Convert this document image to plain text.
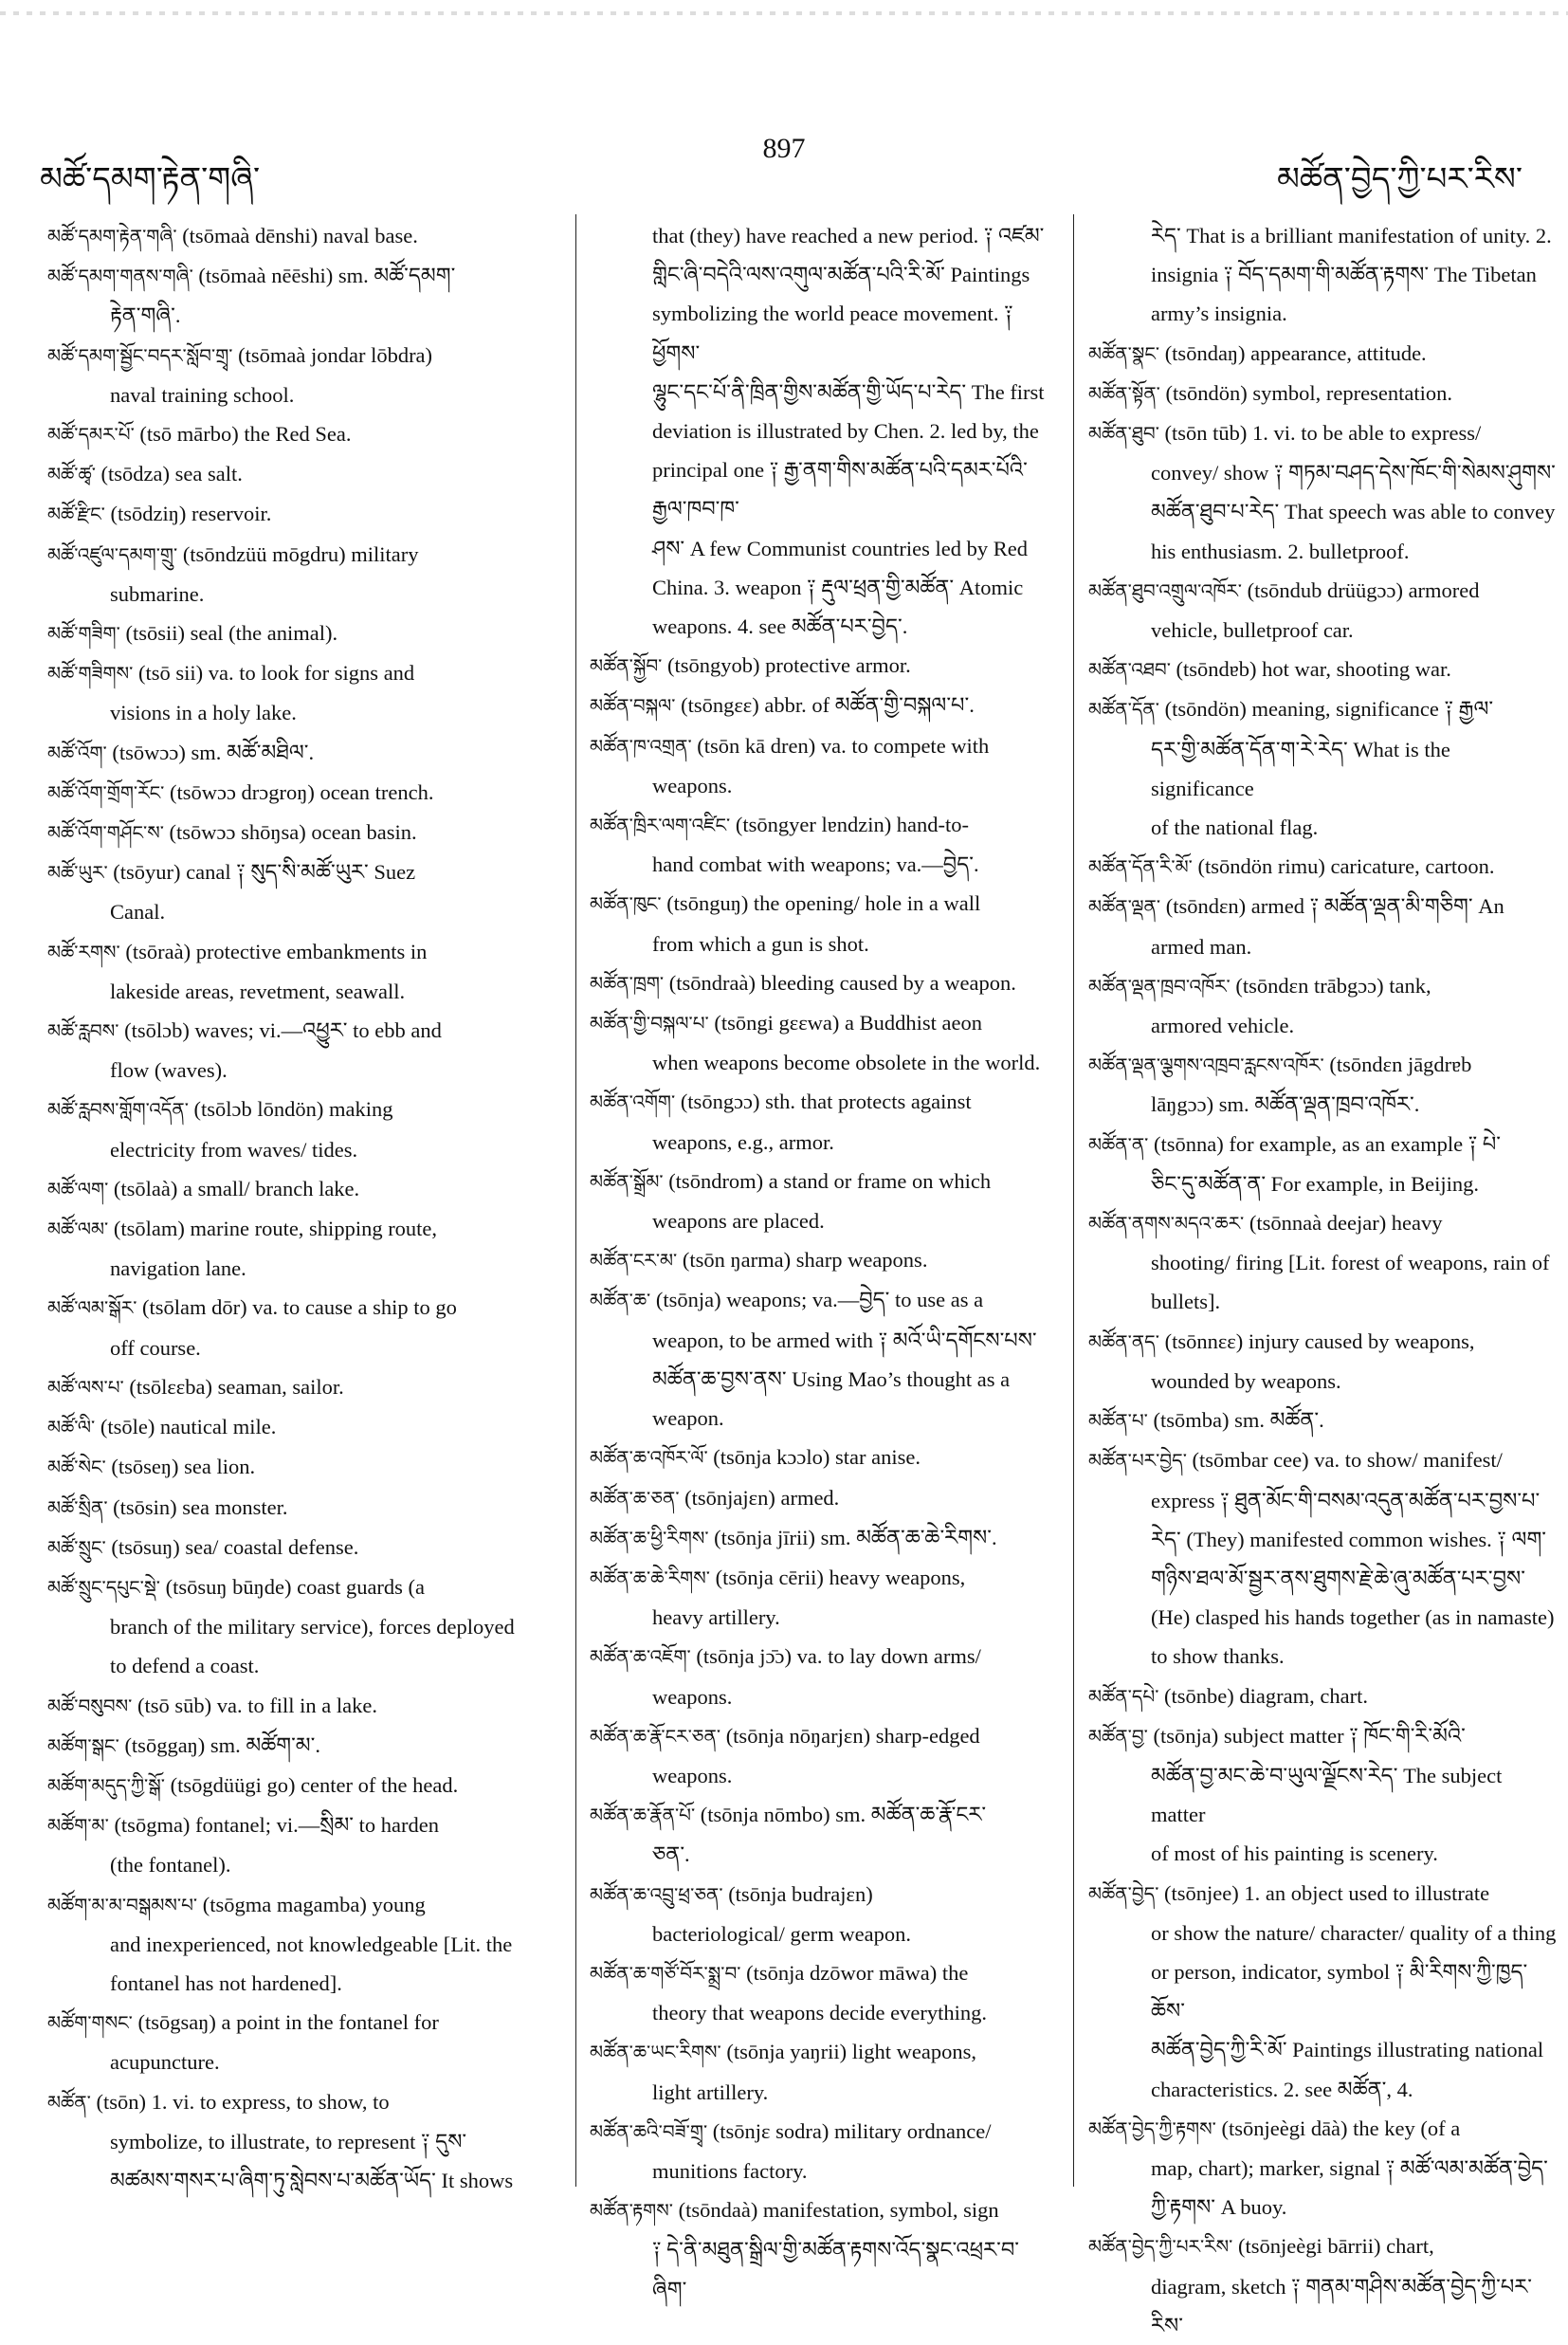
མཚོ་དམག་རྟེན་གཞི་
897
མཚོན་བྱེད་ཀྱི་པར་རིས་

མཚོ་དམག་རྟེན་གཞི་ (tsōmaà dēnshi) naval base.

མཚོ་དམག་གནས་གཞི་ (tsōmaà nēēshi) sm. མཚོ་དམག་

རྟེན་གཞི་.

མཚོ་དམག་སྦྱོང་བདར་སློབ་གྲྭ་ (tsōmaà jondar lōbdra)

naval training school.

མཚོ་དམར་པོ་ (tsō mārbo) the Red Sea.

མཚོ་ཚྭ་ (tsōdza) sea salt.

མཚོ་རྫིང་ (tsōdziŋ) reservoir.

མཚོ་འཛུལ་དམག་གྲུ་ (tsōndzüü mōgdru) military

submarine.

མཚོ་གཟིག་ (tsōsii) seal (the animal).

མཚོ་གཟིགས་ (tsō sii) va. to look for signs and

visions in a holy lake.

མཚོ་འོག་ (tsōwɔɔ) sm. མཚོ་མཐིལ་.

མཚོ་འོག་གྲོག་རོང་ (tsōwɔɔ drɔgroŋ) ocean trench.

མཚོ་འོག་གཤོང་ས་ (tsōwɔɔ shōŋsa) ocean basin.

མཚོ་ཡུར་ (tsōyur) canal ༑ སུད་སི་མཚོ་ཡུར་ Suez

Canal.

མཚོ་རགས་ (tsōraà) protective embankments in

lakeside areas, revetment, seawall.

མཚོ་རླབས་ (tsōlɔb) waves; vi.—འཕྱུར་ to ebb and

flow (waves).

མཚོ་རླབས་གློག་འདོན་ (tsōlɔb lōndön) making

electricity from waves/ tides.

མཚོ་ལག་ (tsōlaà) a small/ branch lake.

མཚོ་ལམ་ (tsōlam) marine route, shipping route,

navigation lane.

མཚོ་ལམ་སྒོར་ (tsōlam dōr) va. to cause a ship to go

off course.

མཚོ་ལས་པ་ (tsōlɛɛba) seaman, sailor.

མཚོ་ལི་ (tsōle) nautical mile.

མཚོ་སེང་ (tsōseŋ) sea lion.

མཚོ་སྲིན་ (tsōsin) sea monster.

མཚོ་སྲུང་ (tsōsuŋ) sea/ coastal defense.

མཚོ་སྲུང་དཔུང་སྡེ་ (tsōsuŋ būŋde) coast guards (a

branch of the military service), forces deployed

to defend a coast.

མཚོ་བསུབས་ (tsō sūb) va. to fill in a lake.

མཚོག་སྒང་ (tsōggaŋ) sm. མཚོག་མ་.

མཚོག་མདུད་ཀྱི་སྒོ་ (tsōgdüügi go) center of the head.

མཚོག་མ་ (tsōgma) fontanel; vi.—སྲིམ་ to harden

(the fontanel).

མཚོག་མ་མ་བསྒམས་པ་ (tsōgma magamba) young

and inexperienced, not knowledgeable [Lit. the

fontanel has not hardened].

མཚོག་གསང་ (tsōgsaŋ) a point in the fontanel for

acupuncture.

མཚོན་ (tsōn) 1. vi. to express, to show, to

symbolize, to illustrate, to represent ༑ དུས་

མཚམས་གསར་པ་ཞིག་ཏུ་སླེབས་པ་མཚོན་ཡོད་ It shows

that (they) have reached a new period. ༑ འཛམ་

གླིང་ཞི་བདེའི་ལས་འགུལ་མཚོན་པའི་རི་མོ་ Paintings

symbolizing the world peace movement. ༑ ཕྱོགས་

ལྷུང་དང་པོ་ནི་ཁྲིན་གྱིས་མཚོན་གྱི་ཡོད་པ་རེད་ The first

deviation is illustrated by Chen. 2. led by, the

principal one ༑ རྒྱ་ནག་གིས་མཚོན་པའི་དམར་པོའི་རྒྱལ་ཁབ་ཁ་

ཤས་ A few Communist countries led by Red

China. 3. weapon ༑ རྡུལ་ཕྲན་གྱི་མཚོན་ Atomic

weapons. 4. see མཚོན་པར་བྱེད་.

མཚོན་སྐྱོབ་ (tsōngyob) protective armor.

མཚོན་བསྐལ་ (tsōngɛɛ) abbr. of མཚོན་གྱི་བསྐལ་པ་.

མཚོན་ཁ་འགྲན་ (tsōn kā dren) va. to compete with

weapons.

མཚོན་ཁྲིར་ལག་འཛིང་ (tsōngyer lɐndzin) hand-to-

hand combat with weapons; va.—བྱེད་.

མཚོན་ཁུང་ (tsōnguŋ) the opening/ hole in a wall

from which a gun is shot.

མཚོན་ཁྲག་ (tsōndraà) bleeding caused by a weapon.

མཚོན་གྱི་བསྐལ་པ་ (tsōngi gɛɛwa) a Buddhist aeon

when weapons become obsolete in the world.

མཚོན་འགོག་ (tsōngɔɔ) sth. that protects against

weapons, e.g., armor.

མཚོན་སྒྲོམ་ (tsōndrom) a stand or frame on which

weapons are placed.

མཚོན་ངར་མ་ (tsōn ŋarma) sharp weapons.

མཚོན་ཆ་ (tsōnja) weapons; va.—བྱེད་ to use as a

weapon, to be armed with ༑ མའོ་ཡི་དགོངས་པས་

མཚོན་ཆ་བྱས་ནས་ Using Mao’s thought as a

weapon.

མཚོན་ཆ་འཁོར་ལོ་ (tsōnja kɔɔlo) star anise.

མཚོན་ཆ་ཅན་ (tsōnjajɛn) armed.

མཚོན་ཆ་ཕྱི་རིགས་ (tsōnja jīrii) sm. མཚོན་ཆ་ཆེ་རིགས་.

མཚོན་ཆ་ཆེ་རིགས་ (tsōnja cērii) heavy weapons,

heavy artillery.

མཚོན་ཆ་འཇོག་ (tsōnja jɔ̄ɔ) va. to lay down arms/

weapons.

མཚོན་ཆ་རྣོ་ངར་ཅན་ (tsōnja nōŋarjɛn) sharp-edged

weapons.

མཚོན་ཆ་རྣོན་པོ་ (tsōnja nōmbo) sm. མཚོན་ཆ་རྣོ་ངར་

ཅན་.

མཚོན་ཆ་འབྲུ་ཕྲ་ཅན་ (tsōnja budrajɛn)

bacteriological/ germ weapon.

མཚོན་ཆ་གཙོ་བོར་སྨྲ་བ་ (tsōnja dzōwor māwa) the

theory that weapons decide everything.

མཚོན་ཆ་ཡང་རིགས་ (tsōnja yaŋrii) light weapons,

light artillery.

མཚོན་ཆའི་བཟོ་གྲྭ་ (tsōnjɛ sodra) military ordnance/

munitions factory.

མཚོན་རྟགས་ (tsōndaà) manifestation, symbol, sign

༑ དེ་ནི་མཐུན་སྒྲིལ་གྱི་མཚོན་རྟགས་འོད་སྣང་འཕྲར་བ་ཞིག་

རེད་ That is a brilliant manifestation of unity. 2.

insignia ༑ བོད་དམག་གི་མཚོན་རྟགས་ The Tibetan

army’s insignia.

མཚོན་སྣང་ (tsōndaŋ) appearance, attitude.

མཚོན་སྟོན་ (tsōndön) symbol, representation.

མཚོན་ཐུབ་ (tsōn tūb) 1. vi. to be able to express/

convey/ show ༑ གཏམ་བཤད་དེས་ཁོང་གི་སེམས་ཤུགས་

མཚོན་ཐུབ་པ་རེད་ That speech was able to convey

his enthusiasm. 2. bulletproof.

མཚོན་ཐུབ་འགྲུལ་འཁོར་ (tsōndub drüügɔɔ) armored

vehicle, bulletproof car.

མཚོན་འཐབ་ (tsōndɐb) hot war, shooting war.

མཚོན་དོན་ (tsōndön) meaning, significance ༑ རྒྱལ་

དར་གྱི་མཚོན་དོན་ག་རེ་རེད་ What is the significance

of the national flag.

མཚོན་དོན་རི་མོ་ (tsōndön rimu) caricature, cartoon.

མཚོན་ལྡན་ (tsōndɛn) armed ༑ མཚོན་ལྡན་མི་གཅིག་ An

armed man.

མཚོན་ལྡན་ཁྲབ་འཁོར་ (tsōndɛn trābgɔɔ) tank,

armored vehicle.

མཚོན་ལྡན་ལྕགས་འཁྲབ་རླངས་འཁོར་ (tsōndɛn jāgdrɐb

lāŋgɔɔ) sm. མཚོན་ལྡན་ཁྲབ་འཁོར་.

མཚོན་ན་ (tsōnna) for example, as an example ༑ པེ་

ཅིང་དུ་མཚོན་ན་ For example, in Beijing.

མཚོན་ནགས་མདའ་ཆར་ (tsōnnaà deejar) heavy

shooting/ firing [Lit. forest of weapons, rain of

bullets].

མཚོན་ནད་ (tsōnnɛɛ) injury caused by weapons,

wounded by weapons.

མཚོན་པ་ (tsōmba) sm. མཚོན་.

མཚོན་པར་བྱེད་ (tsōmbar cee) va. to show/ manifest/

express ༑ ཐུན་མོང་གི་བསམ་འདུན་མཚོན་པར་བྱས་པ་

རེད་ (They) manifested common wishes. ༑ ལག་

གཉིས་ཐལ་མོ་སྦྱར་ནས་ཐུགས་རྗེ་ཆེ་ཞུ་མཚོན་པར་བྱས་

(He) clasped his hands together (as in namaste)

to show thanks.

མཚོན་དཔེ་ (tsōnbe) diagram, chart.

མཚོན་བྱ་ (tsōnja) subject matter ༑ ཁོང་གི་རི་མོའི་

མཚོན་བྱ་མང་ཆེ་བ་ཡུལ་ལྗོངས་རེད་ The subject matter

of most of his painting is scenery.

མཚོན་བྱེད་ (tsōnjee) 1. an object used to illustrate

or show the nature/ character/ quality of a thing

or person, indicator, symbol ༑ མི་རིགས་ཀྱི་ཁྱད་ཆོས་

མཚོན་བྱེད་ཀྱི་རི་མོ་ Paintings illustrating national

characteristics. 2. see མཚོན་, 4.

མཚོན་བྱེད་ཀྱི་རྟགས་ (tsōnjeègi dāà) the key (of a

map, chart); marker, signal ༑ མཚོ་ལམ་མཚོན་བྱེད་

ཀྱི་རྟགས་ A buoy.

མཚོན་བྱེད་ཀྱི་པར་རིས་ (tsōnjeègi bārrii) chart,

diagram, sketch ༑ གནམ་གཤིས་མཚོན་བྱེད་ཀྱི་པར་རིས་
